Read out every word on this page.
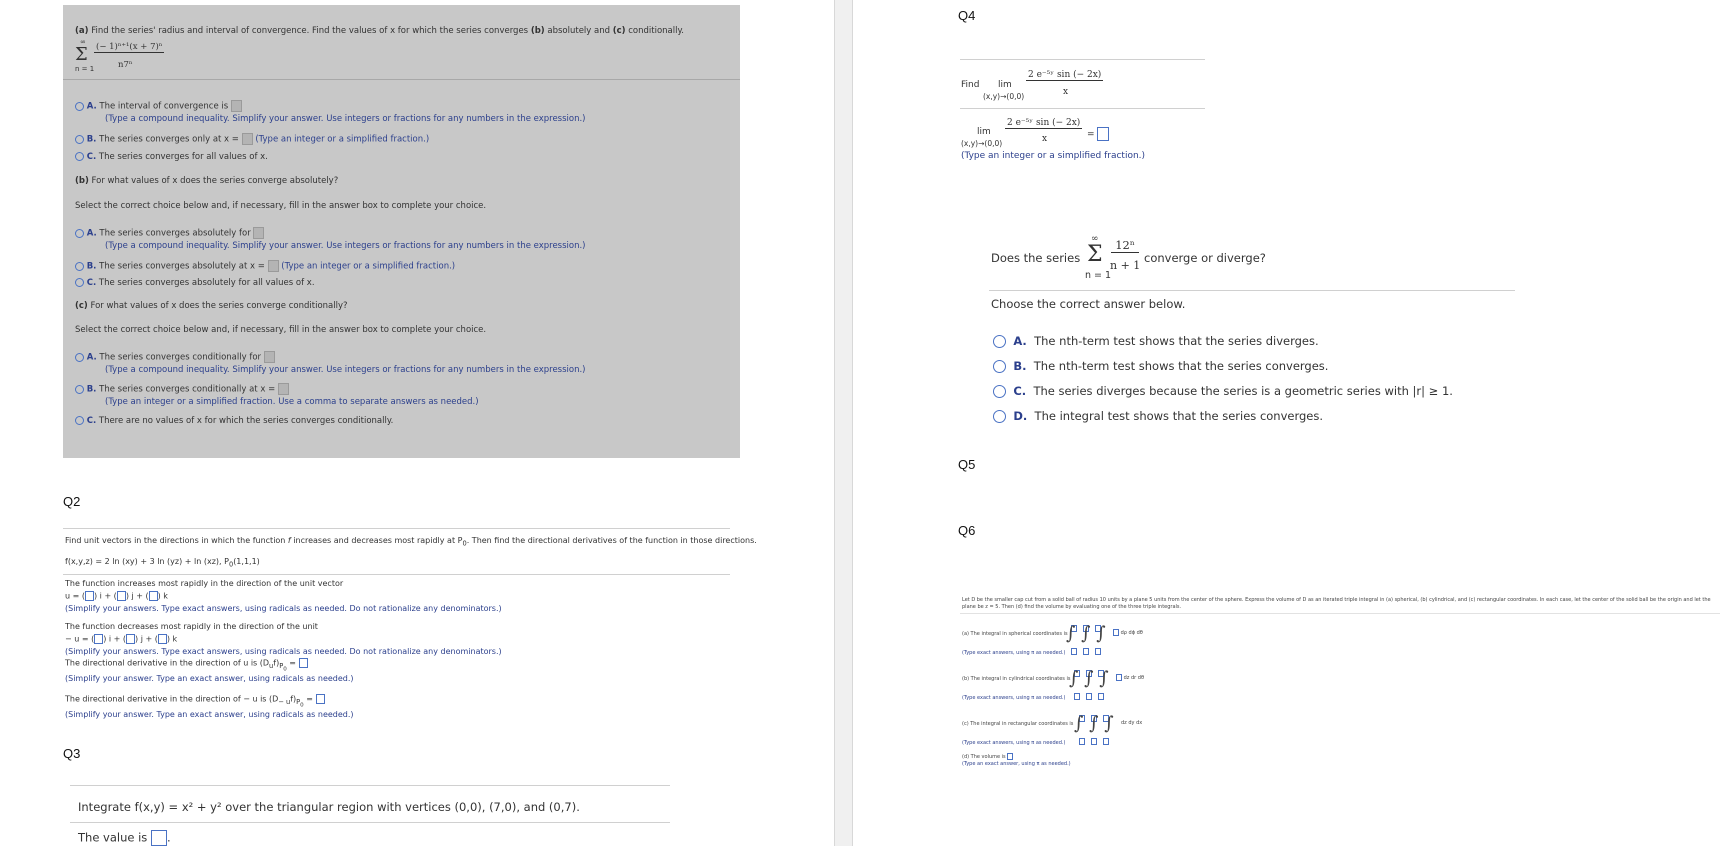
(a) Find the series' radius and interval of convergence. Find the values of x for which the series converges (b) absolutely and (c) conditionally.
∞
Σ
n = 1
(− 1)ⁿ⁺¹(x + 7)ⁿ
n7ⁿ
A. The interval of convergence is
(Type a compound inequality. Simplify your answer. Use integers or fractions for any numbers in the expression.)
B. The series converges only at x = (Type an integer or a simplified fraction.)
C. The series converges for all values of x.
(b) For what values of x does the series converge absolutely?
Select the correct choice below and, if necessary, fill in the answer box to complete your choice.
A. The series converges absolutely for
(Type a compound inequality. Simplify your answer. Use integers or fractions for any numbers in the expression.)
B. The series converges absolutely at x = (Type an integer or a simplified fraction.)
C. The series converges absolutely for all values of x.
(c) For what values of x does the series converge conditionally?
Select the correct choice below and, if necessary, fill in the answer box to complete your choice.
A. The series converges conditionally for
(Type a compound inequality. Simplify your answer. Use integers or fractions for any numbers in the expression.)
B. The series converges conditionally at x =
(Type an integer or a simplified fraction. Use a comma to separate answers as needed.)
C. There are no values of x for which the series converges conditionally.
Q2
Find unit vectors in the directions in which the function f increases and decreases most rapidly at $P_0$. Then find the directional derivatives of the function in those directions.
f(x,y,z) = 2 ln (xy) + 3 ln (yz) + ln (xz), $P_0(1,1,1)$
The function increases most rapidly in the direction of the unit vector
u = ( ) i + ( ) j + ( ) k
(Simplify your answers. Type exact answers, using radicals as needed. Do not rationalize any denominators.)
The function decreases most rapidly in the direction of the unit
− u = ( ) i + ( ) j + ( ) k
(Simplify your answers. Type exact answers, using radicals as needed. Do not rationalize any denominators.)
The directional derivative in the direction of u is $(D_uf)_{P_0}$ =
(Simplify your answer. Type an exact answer, using radicals as needed.)
The directional derivative in the direction of − u is $(D_{- u}f)_{P_0}$ =
(Simplify your answer. Type an exact answer, using radicals as needed.)
Q3
Integrate f(x,y) = x² + y² over the triangular region with vertices (0,0), (7,0), and (0,7).
The value is .
Q4
Find lim
(x,y)→(0,0)
2 e⁻⁵ʸ sin (− 2x)
x
lim
(x,y)→(0,0)
2 e⁻⁵ʸ sin (− 2x)
x	=
(Type an integer or a simplified fraction.)
Does the series
∞
Σ
n = 1
12ⁿ
n + 1
converge or diverge?
Choose the correct answer below.
A. The nth-term test shows that the series diverges.
B. The nth-term test shows that the series converges.
C. The series diverges because the series is a geometric series with |r| ≥ 1.
D. The integral test shows that the series converges.
Q5
Q6
Let D be the smaller cap cut from a solid ball of radius 10 units by a plane 5 units from the center of the sphere. Express the volume of D as an iterated triple integral in (a) spherical, (b) cylindrical, and (c) rectangular coordinates. In each case, let the center of the solid ball be the origin and let the
plane be z = 5. Then (d) find the volume by evaluating one of the three triple integrals.
(a) The integral in spherical coordinates is
∫ ∫ ∫	dρ dϕ dθ
(Type exact answers, using π as needed.)
(b) The integral in cylindrical coordinates is
∫ ∫ ∫	dz dr dθ
(Type exact answers, using π as needed.)
(c) The integral in rectangular coordinates is ∫ ∫ ∫ dz dy dx
(Type exact answers, using π as needed.)
(d) The volume is
(Type an exact answer, using π as needed.)
